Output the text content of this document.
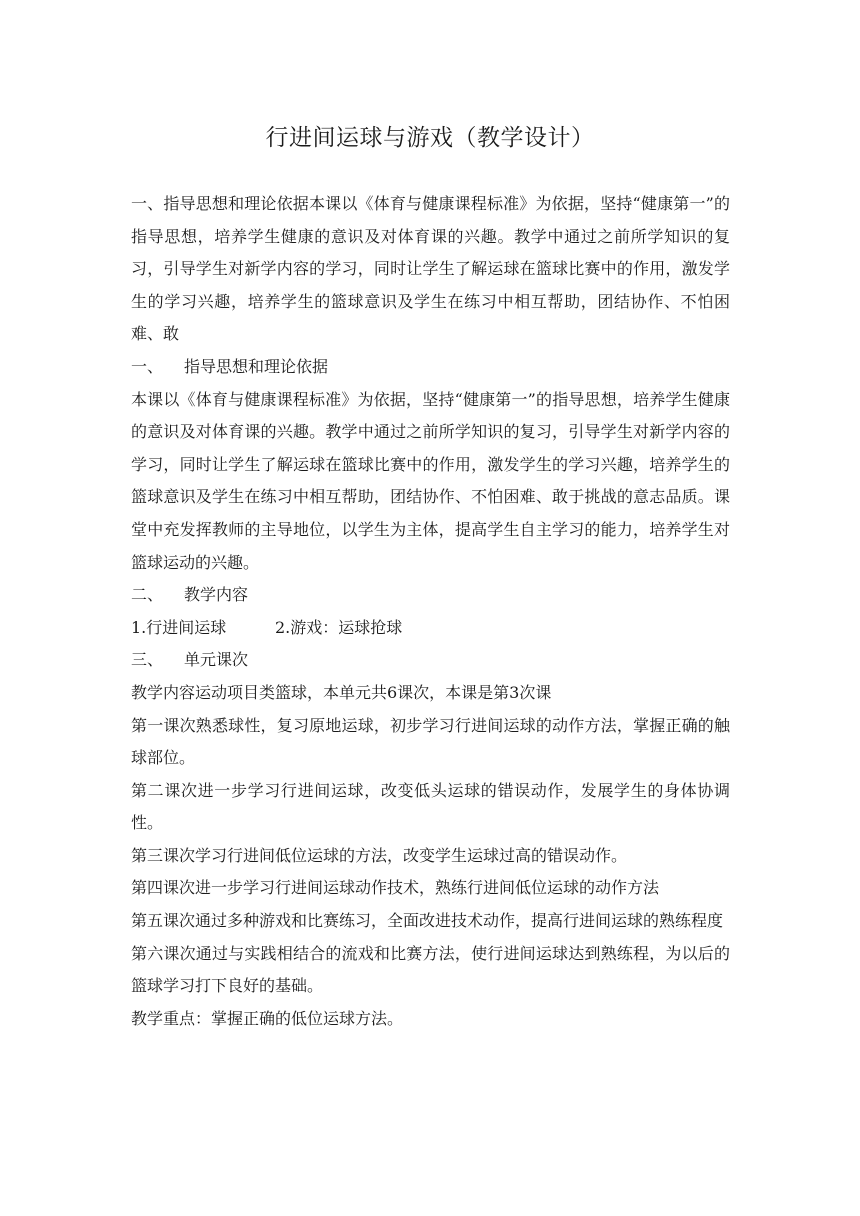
行进间运球与游戏（教学设计）

一、指导思想和理论依据本课以《体育与健康课程标准》为依据，坚持“健康第一”的指导思想，培养学生健康的意识及对体育课的兴趣。教学中通过之前所学知识的复习，引导学生对新学内容的学习，同时让学生了解运球在篮球比赛中的作用，激发学生的学习兴趣，培养学生的篮球意识及学生在练习中相互帮助，团结协作、不怕困难、敢

一、	指导思想和理论依据

本课以《体育与健康课程标准》为依据，坚持“健康第一”的指导思想，培养学生健康的意识及对体育课的兴趣。教学中通过之前所学知识的复习，引导学生对新学内容的学习，同时让学生了解运球在篮球比赛中的作用，激发学生的学习兴趣，培养学生的篮球意识及学生在练习中相互帮助，团结协作、不怕困难、敢于挑战的意志品质。课堂中充发挥教师的主导地位，以学生为主体，提高学生自主学习的能力，培养学生对篮球运动的兴趣。

二、	教学内容
1.行进间运球	2.游戏：运球抢球
三、	单元课次

教学内容运动项目类篮球，本单元共6课次，本课是第3次课

第一课次熟悉球性，复习原地运球，初步学习行进间运球的动作方法，掌握正确的触球部位。

第二课次进一步学习行进间运球，改变低头运球的错误动作，发展学生的身体协调性。

第三课次学习行进间低位运球的方法，改变学生运球过高的错误动作。

第四课次进一步学习行进间运球动作技术，熟练行进间低位运球的动作方法

第五课次通过多种游戏和比赛练习，全面改进技术动作，提高行进间运球的熟练程度

第六课次通过与实践相结合的流戏和比赛方法，使行进间运球达到熟练程，为以后的篮球学习打下良好的基础。

教学重点：掌握正确的低位运球方法。
